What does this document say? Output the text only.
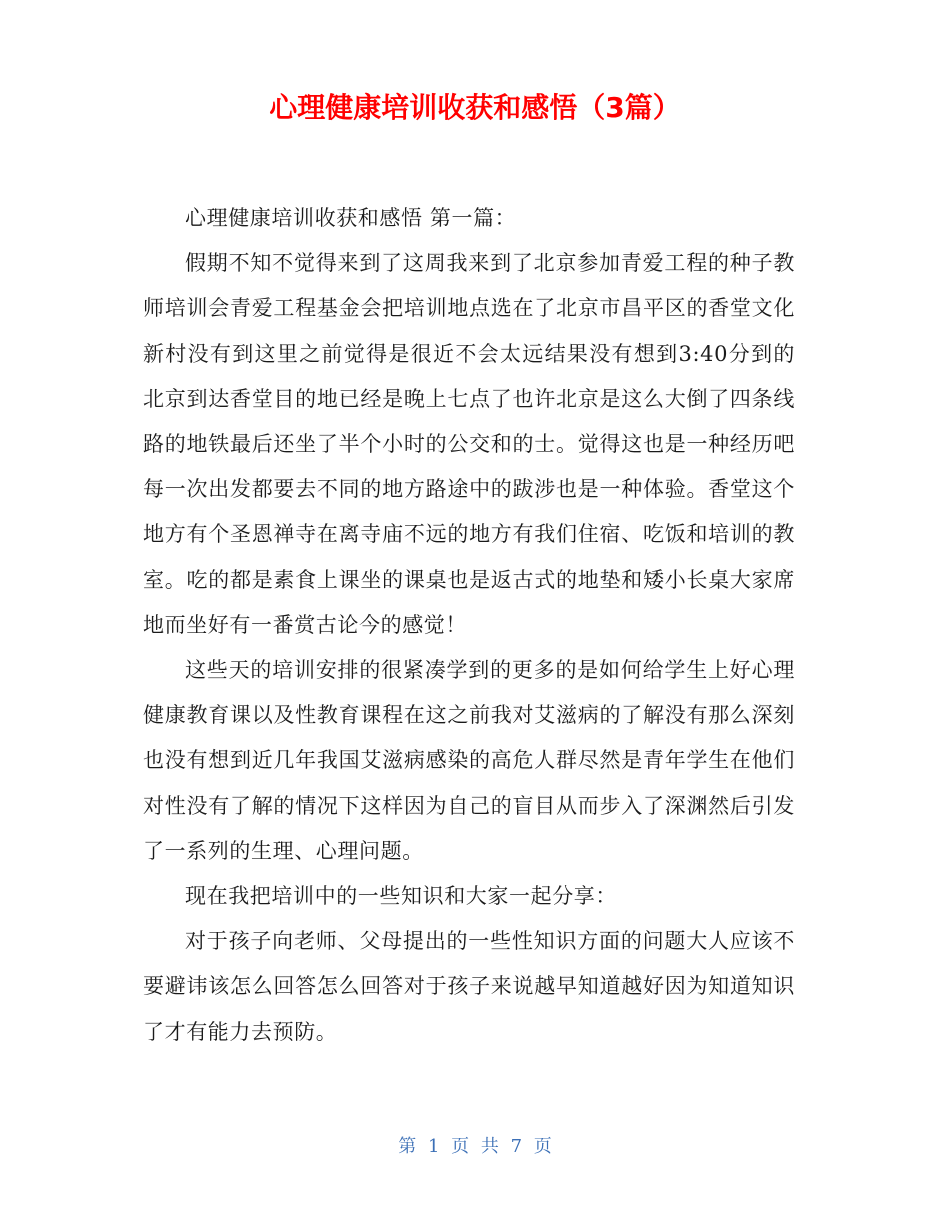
心理健康培训收获和感悟（3篇）

心理健康培训收获和感悟 第一篇：

假期不知不觉得来到了这周我来到了北京参加青爱工程的种子教师培训会青爱工程基金会把培训地点选在了北京市昌平区的香堂文化新村没有到这里之前觉得是很近不会太远结果没有想到3:40分到的北京到达香堂目的地已经是晚上七点了也许北京是这么大倒了四条线路的地铁最后还坐了半个小时的公交和的士。觉得这也是一种经历吧每一次出发都要去不同的地方路途中的跋涉也是一种体验。香堂这个地方有个圣恩禅寺在离寺庙不远的地方有我们住宿、吃饭和培训的教室。吃的都是素食上课坐的课桌也是返古式的地垫和矮小长桌大家席地而坐好有一番赏古论今的感觉！

这些天的培训安排的很紧凑学到的更多的是如何给学生上好心理健康教育课以及性教育课程在这之前我对艾滋病的了解没有那么深刻也没有想到近几年我国艾滋病感染的高危人群尽然是青年学生在他们对性没有了解的情况下这样因为自己的盲目从而步入了深渊然后引发了一系列的生理、心理问题。

现在我把培训中的一些知识和大家一起分享：

对于孩子向老师、父母提出的一些性知识方面的问题大人应该不要避讳该怎么回答怎么回答对于孩子来说越早知道越好因为知道知识了才有能力去预防。

第 1 页 共 7 页
